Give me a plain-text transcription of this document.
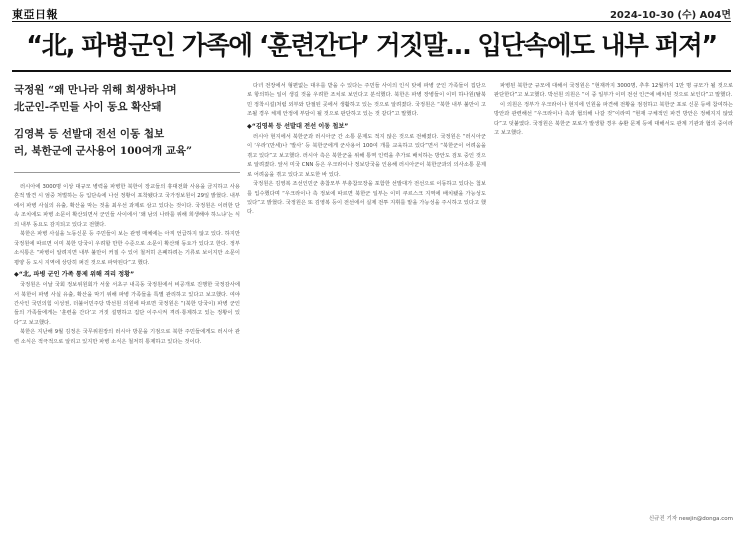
東亞日報	2024-10-30 (수) A04면
“北, 파병군인 가족에 ‘훈련간다’ 거짓말… 입단속에도 내부 퍼져”
국정원 “왜 만나라 위해 희생하나며
北군인-주민들 사이 동요 확산돼
김영복 등 선발대 전선 이동 첩보
러, 북한군에 군사용어 100여개 교육”

러시아에 3000명 이상 대규모 병력을 파병한 북한이 장교들의 휴대전화 사용을 금지하고 사용 흔적 발견 시 엄중 처벌하는 등 입단속에 나선 정황이 포착됐다고 국가정보원이 29일 밝혔다. 내부에서 파병 사실의 유출, 확산을 막는 것을 최우선 과제로 삼고 있다는 것이다. 국정원은 이러한 단속 조치에도 파병 소문이 확산되면서 군인들 사이에서 ‘왜 남의 나라를 위해 희생해야 하느냐’는 식의 내부 동요도 감지되고 있다고 전했다.

북한은 파병 사실을 노동신문 등 주민들이 보는 관영 매체에는 아직 언급하지 않고 있다. 하지만 국정원에 따르면 이미 북한 당국이 우려할 만한 수준으로 소문이 확산돼 동요가 있다고 한다. 정부 소식통은 “파병이 알려지면 내부 불만이 커질 수 있어 철저히 은폐하려는 기류로 보이지만 소문이 평양 등 도시 지역에 상당히 퍼진 것으로 파악된다”고 했다.

◆“北, 파병 군인 가족 통제 위해 격리 정황”

국정원은 이날 국회 정보위원회가 서울 서초구 내곡동 국정원에서 비공개로 진행한 국정감사에서 북한이 파병 사실 유출, 확산을 막기 위해 파병 가족들을 특별 관리하고 있다고 보고했다. 여야 간사인 국민의힘 이성권, 더불어민주당 박선원 의원에 따르면 국정원은 “(북한 당국이) 파병 군인들의 가족들에게는 ‘훈련을 간다’고 거짓 설명하고 집단 이주시켜 격리·통제하고 있는 정황이 있다”고 보고했다.

북한은 지난해 9월 김정은 국무위원장의 러시아 방문을 기점으로 북한 주민들에게도 러시아 관련 소식은 적극적으로 알리고 있지만 파병 소식은 철저히 통제하고 있다는 것이다.

다녀 전장에서 형편없는 대우를 받을 수 있다는 주민들 사이의 인식 탓에 파병 군인 가족들이 집단으로 항의하는 일이 생길 것을 우려한 조치로 보인다고 분석했다. 북한은 파병 장병들이 이미 하나원(탈북민 정착시설)처럼 외부와 단절된 곳에서 생활하고 있는 것으로 알려졌다. 국정원은 “북한 내부 불만이 고조될 경우 체제 안정에 부담이 될 것으로 판단하고 있는 것 같다”고 말했다.

◆“김영복 등 선발대 전선 이동 첩보”

러시아 현지에서 북한군과 러시아군 간 소통 문제도 적지 않은 것으로 전해졌다. 국정원은 “러시아군이 ‘우라’(만세)나 ‘발사’ 등 북한군에게 군사용어 100여 개를 교육하고 있다”면서 “북한군이 어려움을 겪고 있다”고 보고했다. 러시아 측은 북한군을 위해 통역 인력을 추가로 배치하는 방안도 검토 중인 것으로 알려졌다. 앞서 미국 CNN 등은 우크라이나 정보당국을 인용해 러시아군이 북한군과의 의사소통 문제로 어려움을 겪고 있다고 보도한 바 있다.

국정원은 김영복 조선인민군 총참모부 부총참모장을 포함한 선발대가 전선으로 이동하고 있다는 첩보를 입수했다며 “우크라이나 측 정보에 따르면 북한군 일부는 이미 쿠르스크 지역에 배치됐을 가능성도 있다”고 밝혔다. 국정원은 또 김영복 등이 전선에서 실제 전투 지휘를 맡을 가능성을 주시하고 있다고 했다.

파병된 북한군 규모에 대해서 국정원은 “현재까지 3000명, 추후 12월까지 1만 명 규모가 될 것으로 판단한다”고 보고했다. 박선원 의원은 “이 중 일부가 이미 전선 인근에 배치된 것으로 보인다”고 말했다.

이 의원은 정부가 우크라이나 현지에 인원을 파견해 전황을 점검하고 북한군 포로 신문 등에 참여하는 방안과 관련해선 “우크라이나 측과 협의해 나갈 것”이라며 “현재 구체적인 파견 방안은 정해지지 않았다”고 덧붙였다. 국정원은 북한군 포로가 발생할 경우 송환 문제 등에 대해서도 관계 기관과 협의 중이라고 보고했다.

신규진 기자 newjin@donga.com
